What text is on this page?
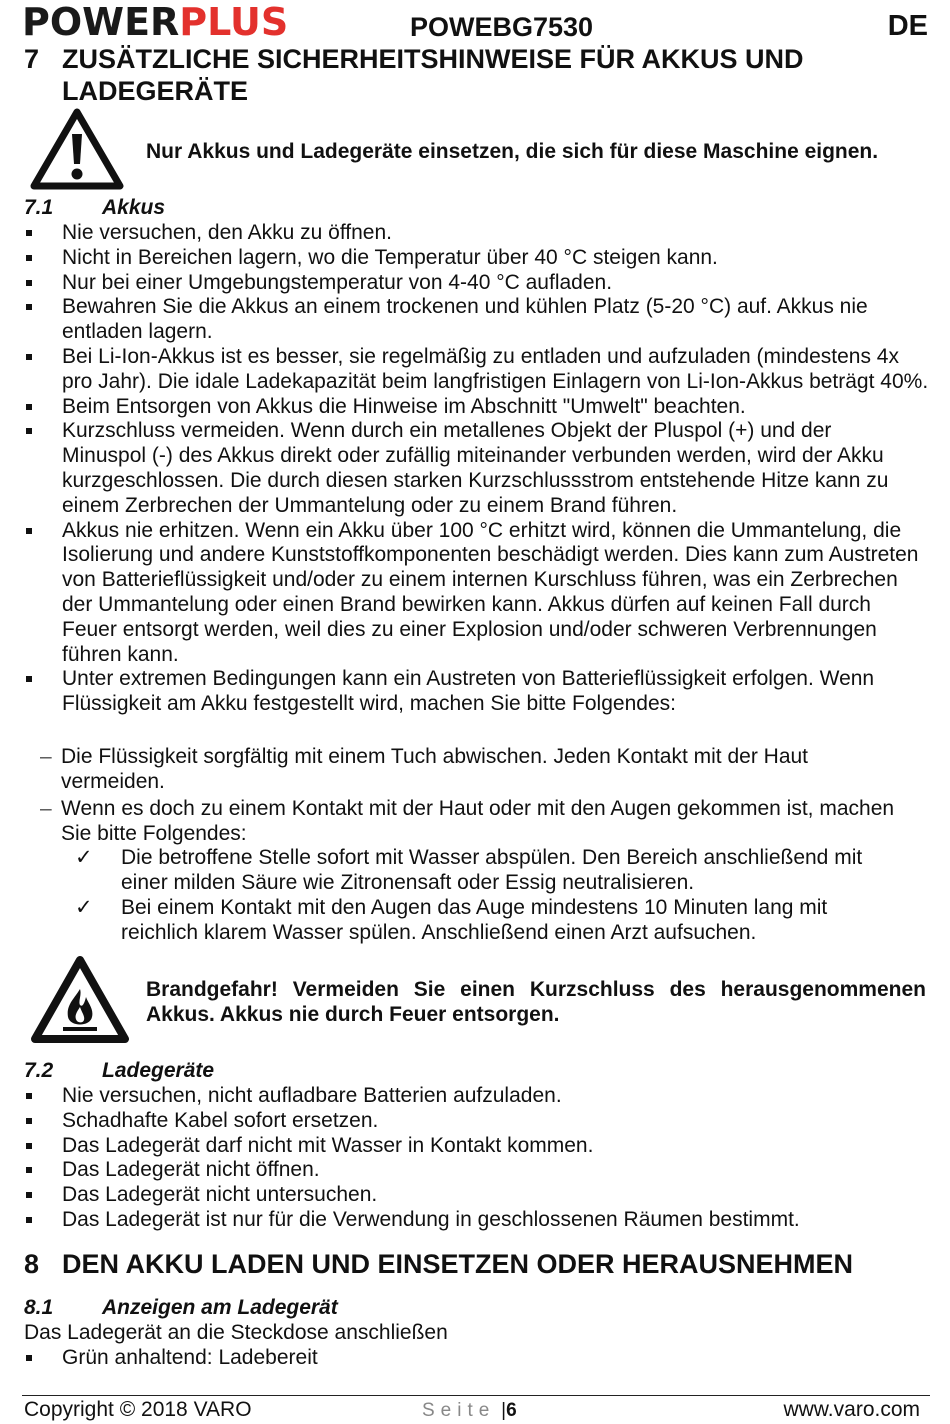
POWERPLUS	POWEBG7530	DE
7 ZUSÄTZLICHE SICHERHEITSHINWEISE FÜR AKKUS UND
LADEGERÄTE
Nur Akkus und Ladegeräte einsetzen, die sich für diese Maschine eignen.
7.1 Akkus
Nie versuchen, den Akku zu öffnen.
Nicht in Bereichen lagern, wo die Temperatur über 40 °C steigen kann.
Nur bei einer Umgebungstemperatur von 4-40 °C aufladen.
Bewahren Sie die Akkus an einem trockenen und kühlen Platz (5-20 °C) auf. Akkus nie entladen lagern.
Bei Li-Ion-Akkus ist es besser, sie regelmäßig zu entladen und aufzuladen (mindestens 4x pro Jahr). Die idale Ladekapazität beim langfristigen Einlagern von Li-Ion-Akkus beträgt 40%.
Beim Entsorgen von Akkus die Hinweise im Abschnitt "Umwelt" beachten.
Kurzschluss vermeiden. Wenn durch ein metallenes Objekt der Pluspol (+) und der Minuspol (-) des Akkus direkt oder zufällig miteinander verbunden werden, wird der Akku kurzgeschlossen. Die durch diesen starken Kurzschlussstrom entstehende Hitze kann zu einem Zerbrechen der Ummantelung oder zu einem Brand führen.
Akkus nie erhitzen. Wenn ein Akku über 100 °C erhitzt wird, können die Ummantelung, die Isolierung und andere Kunststoffkomponenten beschädigt werden. Dies kann zum Austreten von Batterieflüssigkeit und/oder zu einem internen Kurschluss führen, was ein Zerbrechen der Ummantelung oder einen Brand bewirken kann. Akkus dürfen auf keinen Fall durch Feuer entsorgt werden, weil dies zu einer Explosion und/oder schweren Verbrennungen führen kann.
Unter extremen Bedingungen kann ein Austreten von Batterieflüssigkeit erfolgen. Wenn Flüssigkeit am Akku festgestellt wird, machen Sie bitte Folgendes:
– Die Flüssigkeit sorgfältig mit einem Tuch abwischen. Jeden Kontakt mit der Haut vermeiden.
– Wenn es doch zu einem Kontakt mit der Haut oder mit den Augen gekommen ist, machen Sie bitte Folgendes:
✓ Die betroffene Stelle sofort mit Wasser abspülen. Den Bereich anschließend mit einer milden Säure wie Zitronensaft oder Essig neutralisieren.
✓ Bei einem Kontakt mit den Augen das Auge mindestens 10 Minuten lang mit reichlich klarem Wasser spülen. Anschließend einen Arzt aufsuchen.
Brandgefahr! Vermeiden Sie einen Kurzschluss des herausgenommenen Akkus. Akkus nie durch Feuer entsorgen.
7.2 Ladegeräte
Nie versuchen, nicht aufladbare Batterien aufzuladen.
Schadhafte Kabel sofort ersetzen.
Das Ladegerät darf nicht mit Wasser in Kontakt kommen.
Das Ladegerät nicht öffnen.
Das Ladegerät nicht untersuchen.
Das Ladegerät ist nur für die Verwendung in geschlossenen Räumen bestimmt.
8 DEN AKKU LADEN UND EINSETZEN ODER HERAUSNEHMEN
8.1 Anzeigen am Ladegerät
Das Ladegerät an die Steckdose anschließen
Grün anhaltend: Ladebereit
Copyright © 2018 VARO	Seite |6	www.varo.com
